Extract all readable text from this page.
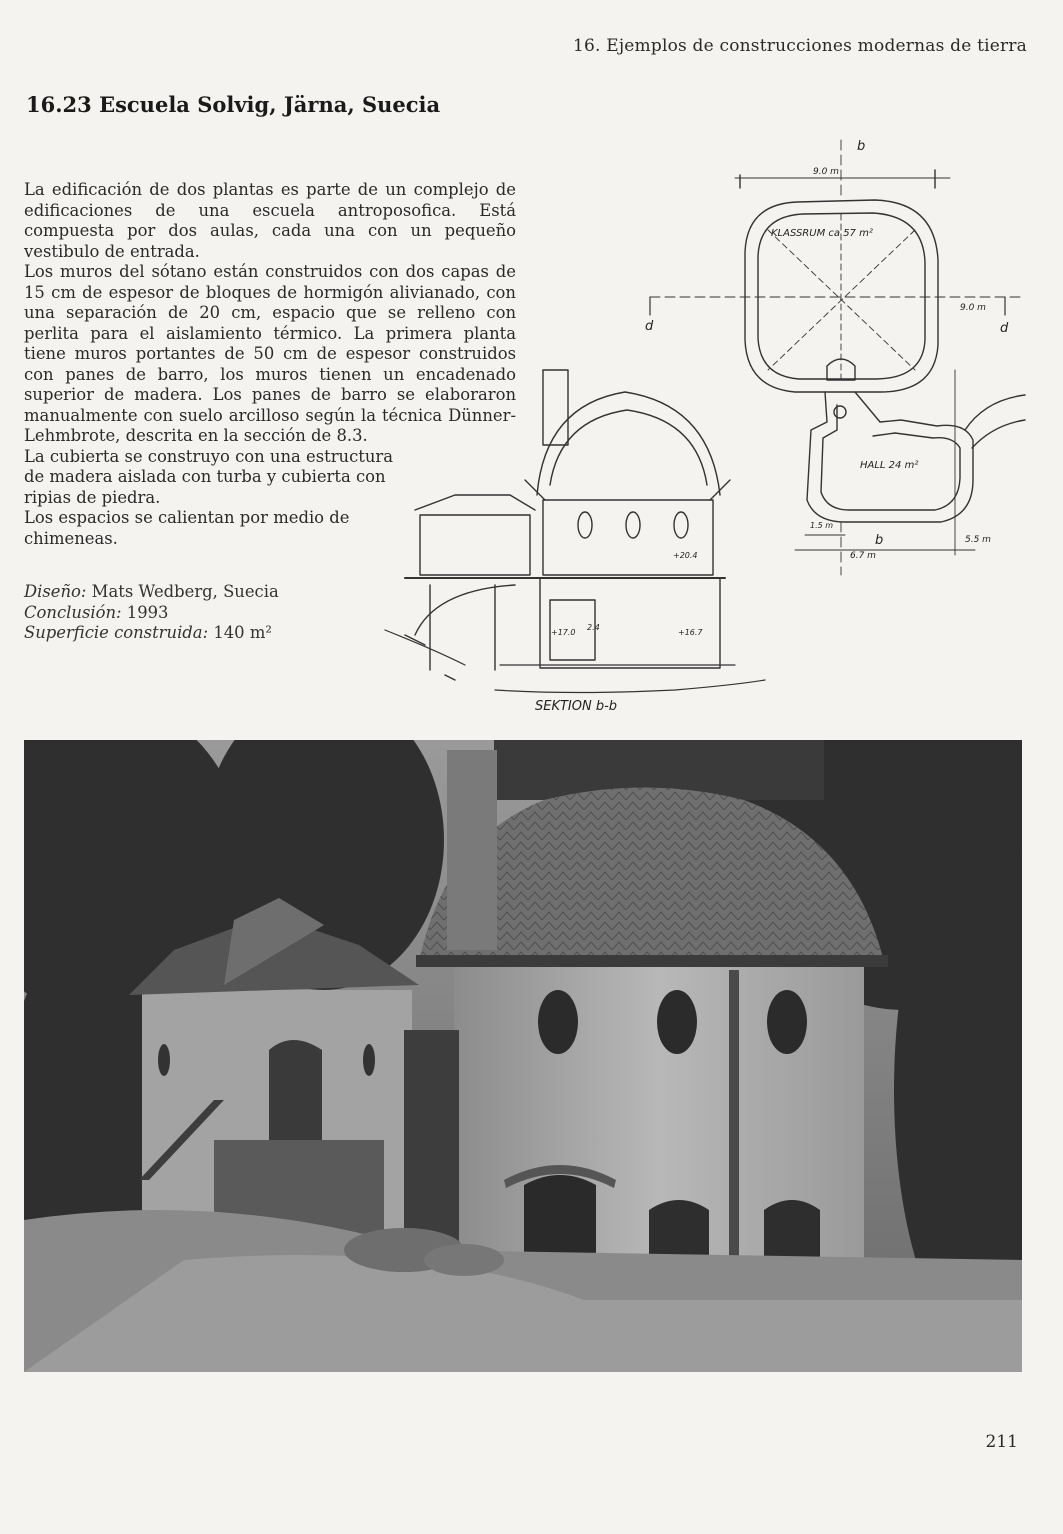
16. Ejemplos de construcciones modernas de tierra
16.23 Escuela Solvig, Järna, Suecia

La edificación de dos plantas es parte de un complejo de edificaciones de una escuela antroposofica. Está compuesta por dos aulas, cada una con un pequeño vestibulo de entrada.

Los muros del sótano están construidos con dos capas de 15 cm de espesor de bloques de hormigón alivianado, con una separación de 20 cm, espacio que se relleno con perlita para el aislamiento térmico. La primera planta tiene muros portantes de 50 cm de espesor construidos con panes de barro, los muros tienen un encadenado superior de madera. Los panes de barro se elaboraron manualmente con suelo arcilloso según la técnica Dünner-Lehmbrote, descrita en la sección de 8.3.

La cubierta se construyo con una estructura de madera aislada con turba y cubierta con ripias de piedra.

Los espacios se calientan por medio de chimeneas.

Diseño: Mats Wedberg, Suecia
Conclusión: 1993
Superficie construida: 140 m²
KLASSRUM ca 57 m²
HALL 24 m²
9.0 m
9.0 m
6.7 m
1.5 m
5.5 m
b
d	d
b
SEKTION b-b
+20.4
+17.0	+16.7
2.4
211
